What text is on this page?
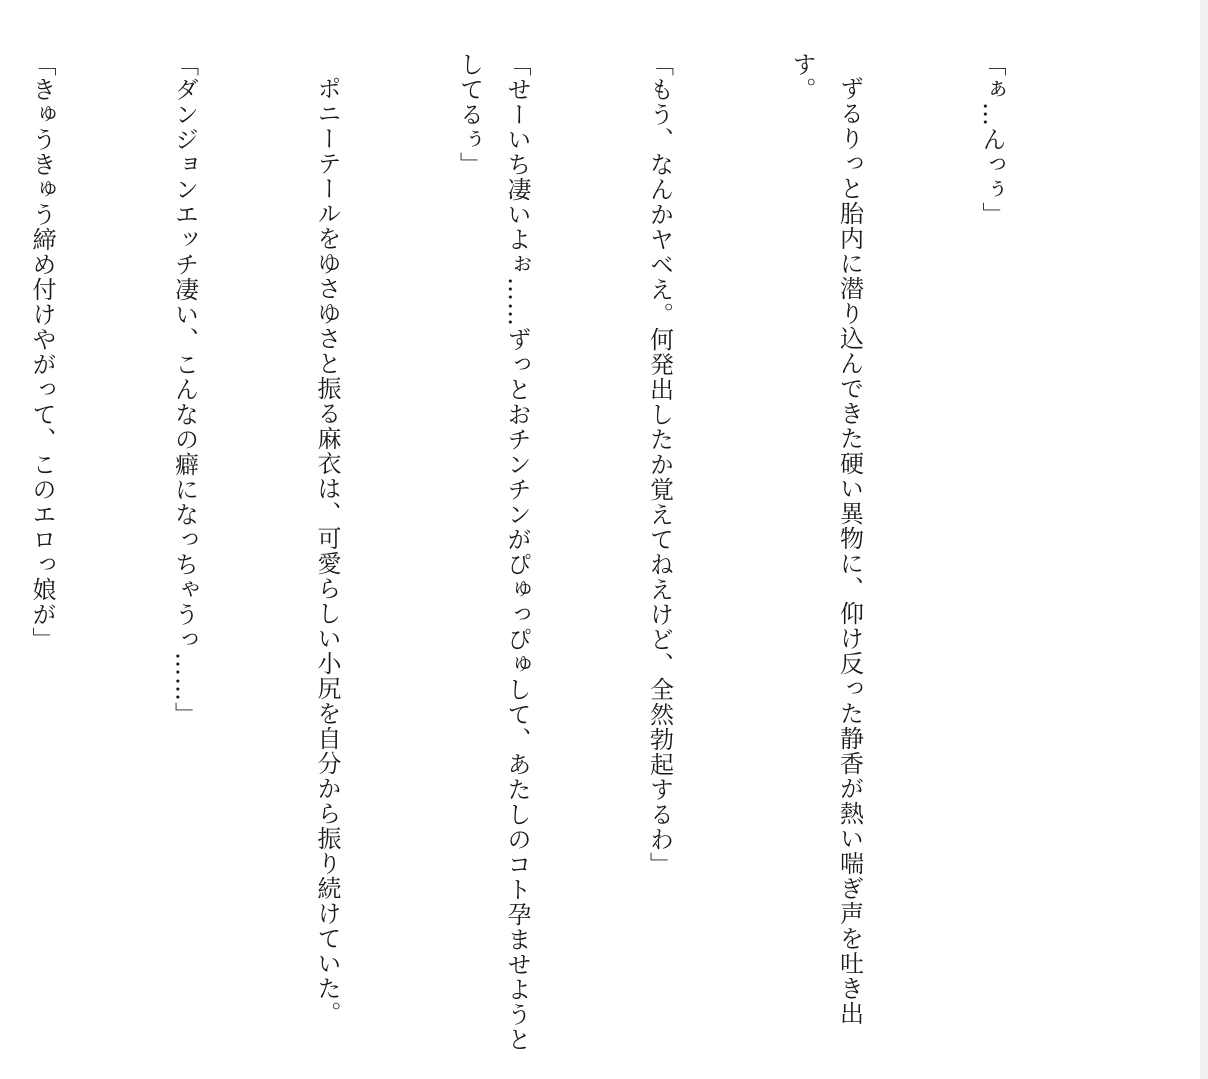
「ぁ…んっぅ」

ずるりっと胎内に潜り込んできた硬い異物に、仰け反った静香が熱い喘ぎ声を吐き出す。

「もう、なんかヤベえ。何発出したか覚えてねえけど、全然勃起するわ」

「せーいち凄いよぉ……ずっとおチンチンがぴゅっぴゅして、あたしのコト孕ませようとしてるぅ」

ポニーテールをゆさゆさと振る麻衣は、可愛らしい小尻を自分から振り続けていた。

「ダンジョンエッチ凄い、こんなの癖になっちゃうっ……」

「きゅうきゅう締め付けやがって、このエロっ娘が」
